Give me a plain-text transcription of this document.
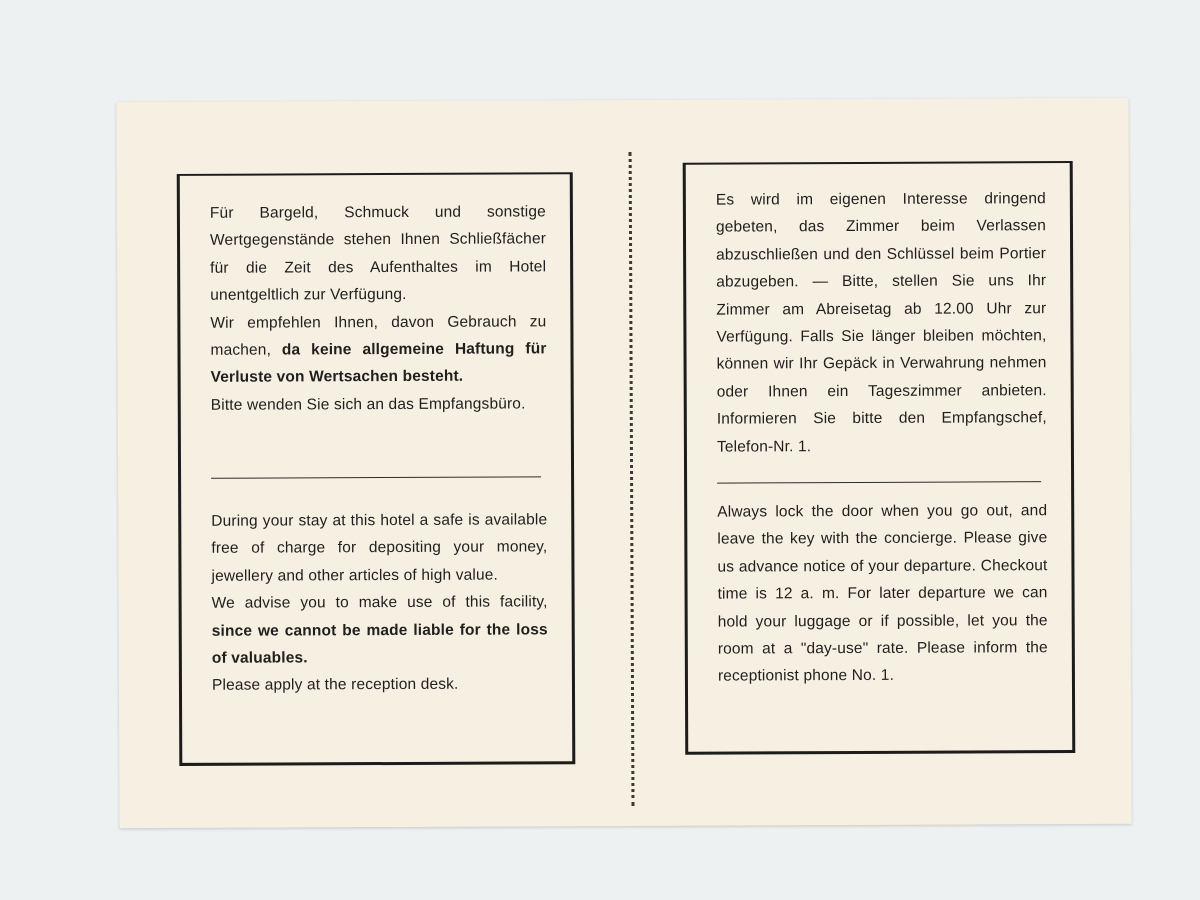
Für Bargeld, Schmuck und sonstige Wertgegenstände stehen Ihnen Schließfächer für die Zeit des Aufenthaltes im Hotel unentgeltlich zur Verfügung.
Wir empfehlen Ihnen, davon Gebrauch zu machen, da keine allgemeine Haftung für Verluste von Wertsachen besteht.
Bitte wenden Sie sich an das Empfangsbüro.

During your stay at this hotel a safe is available free of charge for depositing your money, jewellery and other articles of high value.
We advise you to make use of this facility, since we cannot be made liable for the loss of valuables.
Please apply at the reception desk.

Es wird im eigenen Interesse dringend gebeten, das Zimmer beim Verlassen abzuschließen und den Schlüssel beim Portier abzugeben. — Bitte, stellen Sie uns Ihr Zimmer am Abreisetag ab 12.00 Uhr zur Verfügung. Falls Sie länger bleiben möchten, können wir Ihr Gepäck in Verwahrung nehmen oder Ihnen ein Tageszimmer anbieten. Informieren Sie bitte den Empfangschef, Telefon-Nr. 1.

Always lock the door when you go out, and leave the key with the concierge. Please give us advance notice of your departure. Checkout time is 12 a. m. For later departure we can hold your luggage or if possible, let you the room at a "day-use" rate. Please inform the receptionist phone No. 1.
